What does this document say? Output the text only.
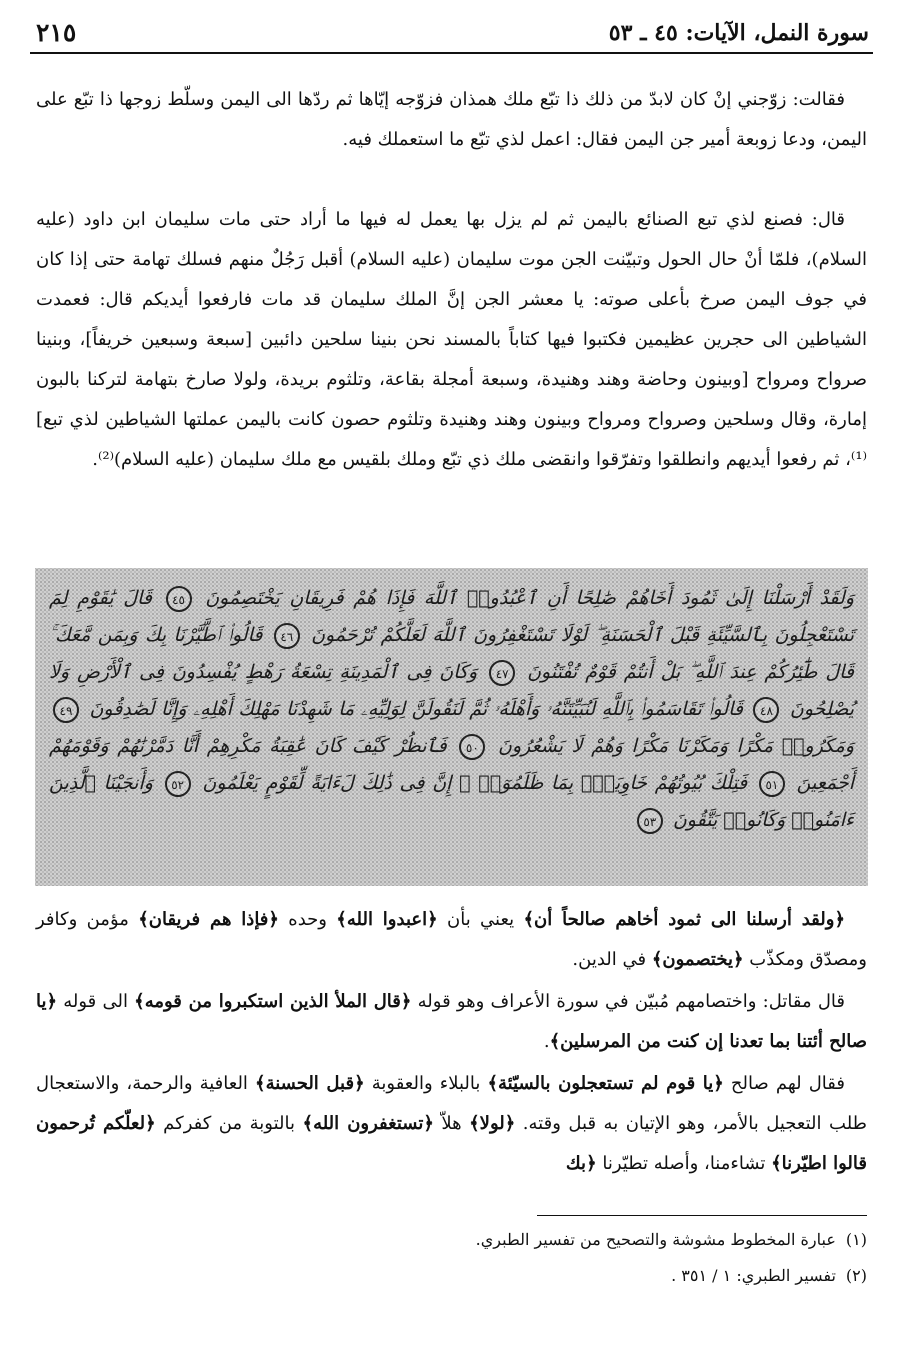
٢١٥	سورة النمل، الآيات: ٤٥ ـ ٥٣

فقالت: زوّجني إنْ كان لابدّ من ذلك ذا تبّع ملك همذان فزوّجه إيّاها ثم ردّها الى اليمن وسلّط زوجها ذا تبّع على اليمن، ودعا زوبعة أمير جن اليمن فقال: اعمل لذي تبّع ما استعملك فيه.

قال: فصنع لذي تبع الصنائع باليمن ثم لم يزل بها يعمل له فيها ما أراد حتى مات سليمان ابن داود (عليه السلام)، فلمّا أنْ حال الحول وتبيّنت الجن موت سليمان (عليه السلام) أقبل رَجُلٌ منهم فسلك تهامة حتى إذا كان في جوف اليمن صرخ بأعلى صوته: يا معشر الجن إنَّ الملك سليمان قد مات فارفعوا أيديكم قال: فعمدت الشياطين الى حجرين عظيمين فكتبوا فيها كتاباً بالمسند نحن بنينا سلحين دائبين [سبعة وسبعين خريفاً]، وبنينا صرواح ومرواح [وبينون وحاضة وهند وهنيدة، وسبعة أمجلة بقاعة، وتلثوم بريدة، ولولا صارخ بتهامة لتركنا بالبون إمارة، وقال وسلحين وصرواح ومرواح وبينون وهند وهنيدة وتلثوم حصون كانت باليمن عملتها الشياطين لذي تبع]⁽¹⁾، ثم رفعوا أيديهم وانطلقوا وتفرّقوا وانقضى ملك ذي تبّع وملك بلقيس مع ملك سليمان (عليه السلام)⁽²⁾.

وَلَقَدْ أَرْسَلْنَا إِلَىٰ ثَمُودَ أَخَاهُمْ صَٰلِحًا أَنِ ٱعْبُدُوا۟ ٱللَّهَ فَإِذَا هُمْ فَرِيقَانِ يَخْتَصِمُونَ ٤٥ قَالَ يَٰقَوْمِ لِمَ تَسْتَعْجِلُونَ بِٱلسَّيِّئَةِ قَبْلَ ٱلْحَسَنَةِ ۖ لَوْلَا تَسْتَغْفِرُونَ ٱللَّهَ لَعَلَّكُمْ تُرْحَمُونَ ٤٦ قَالُوا۟ ٱطَّيَّرْنَا بِكَ وَبِمَن مَّعَكَ ۚ قَالَ طَٰٓئِرُكُمْ عِندَ ٱللَّهِ ۖ بَلْ أَنتُمْ قَوْمٌ تُفْتَنُونَ ٤٧ وَكَانَ فِى ٱلْمَدِينَةِ تِسْعَةُ رَهْطٍ يُفْسِدُونَ فِى ٱلْأَرْضِ وَلَا يُصْلِحُونَ ٤٨ قَالُوا۟ تَقَاسَمُوا۟ بِٱللَّهِ لَنُبَيِّتَنَّهُۥ وَأَهْلَهُۥ ثُمَّ لَنَقُولَنَّ لِوَلِيِّهِۦ مَا شَهِدْنَا مَهْلِكَ أَهْلِهِۦ وَإِنَّا لَصَٰدِقُونَ ٤٩ وَمَكَرُوا۟ مَكْرًا وَمَكَرْنَا مَكْرًا وَهُمْ لَا يَشْعُرُونَ ٥٠ فَٱنظُرْ كَيْفَ كَانَ عَٰقِبَةُ مَكْرِهِمْ أَنَّا دَمَّرْنَٰهُمْ وَقَوْمَهُمْ أَجْمَعِينَ ٥١ فَتِلْكَ بُيُوتُهُمْ خَاوِيَةًۢ بِمَا ظَلَمُوٓا۟ ۗ إِنَّ فِى ذَٰلِكَ لَءَايَةً لِّقَوْمٍ يَعْلَمُونَ ٥٢ وَأَنجَيْنَا ٱلَّذِينَ ءَامَنُوا۟ وَكَانُوا۟ يَتَّقُونَ ٥٣

﴿ولقد أرسلنا الى ثمود أخاهم صالحاً أن﴾ يعني بأن ﴿اعبدوا الله﴾ وحده ﴿فإذا هم فريقان﴾ مؤمن وكافر ومصدّق ومكذّب ﴿يختصمون﴾ في الدين.

قال مقاتل: واختصامهم مُبيّن في سورة الأعراف وهو قوله ﴿قال الملأ الذين استكبروا من قومه﴾ الى قوله ﴿يا صالح أئتنا بما تعدنا إن كنت من المرسلين﴾.

فقال لهم صالح ﴿يا قوم لم تستعجلون بالسيّئة﴾ بالبلاء والعقوبة ﴿قبل الحسنة﴾ العافية والرحمة، والاستعجال طلب التعجيل بالأمر، وهو الإتيان به قبل وقته. ﴿لولا﴾ هلاّ ﴿تستغفرون الله﴾ بالتوبة من كفركم ﴿لعلّكم تُرحمون قالوا اطيّرنا﴾ تشاءمنا، وأصله تطيّرنا ﴿بك

(١)عبارة المخطوط مشوشة والتصحيح من تفسير الطبري.

(٢)تفسير الطبري: ١ / ٣٥١ .
